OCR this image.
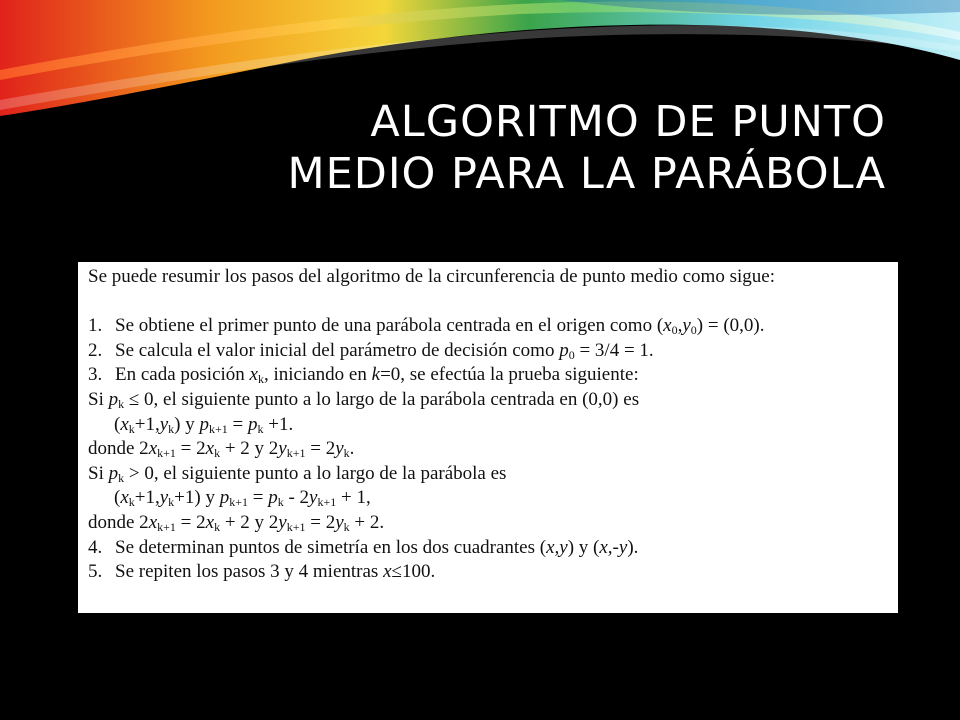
ALGORITMO DE PUNTO
MEDIO PARA LA PARÁBOLA
Se puede resumir los pasos del algoritmo de la circunferencia de punto medio como sigue:
1. Se obtiene el primer punto de una parábola centrada en el origen como $(x_0,y_0) = (0,0)$.
2. Se calcula el valor inicial del parámetro de decisión como $p_0 = 3/4 = 1$.
3. En cada posición $x_k$, iniciando en k=0, se efectúa la prueba siguiente:
Si $p_k \le 0$, el siguiente punto a lo largo de la parábola centrada en (0,0) es
$(x_k+1,y_k)$ y $p_{k+1} = p_k +1$.
donde $2x_{k+1} = 2x_k + 2$ y $2y_{k+1} = 2y_k$.
Si $p_k > 0$, el siguiente punto a lo largo de la parábola es
$(x_k+1,y_k+1)$ y $p_{k+1} = p_k - 2y_{k+1} + 1$,
donde $2x_{k+1} = 2x_k + 2$ y $2y_{k+1} = 2y_k + 2$.
4. Se determinan puntos de simetría en los dos cuadrantes (x,y) y (x,-y).
5. Se repiten los pasos 3 y 4 mientras x≤100.
